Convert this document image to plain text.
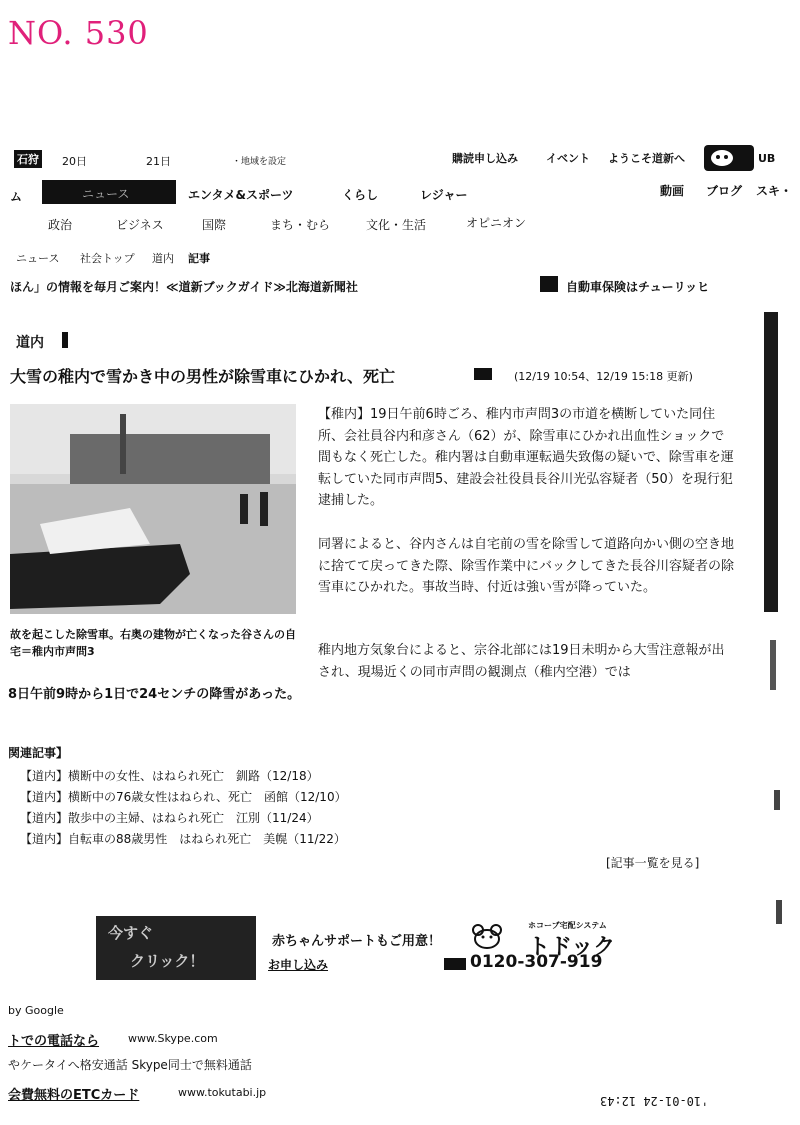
NO. 530
石狩 20日	21日	・地域を設定	購読申し込み	イベント ようこそ道新へ	UB
ム	ニュース	エンタメ&スポーツ	くらし	レジャー	動画 ブログ スキ・
政治	ビジネス	国際	まち・むら	文化・生活	オピニオン
ニュース 社会トップ 道内 記事
ほん」の情報を毎月ご案内！≪道新ブックガイド≫北海道新聞社	自動車保険はチューリッヒ
道内
大雪の稚内で雪かき中の男性が除雪車にひかれ、死亡	(12/19 10:54、12/19 15:18 更新)
故を起こした除雪車。右奥の建物が亡くなった谷さんの自宅＝稚内市声問3
【稚内】19日午前6時ごろ、稚内市声問3の市道を横断していた同住所、会社員谷内和彦さん（62）が、除雪車にひかれ出血性ショックで間もなく死亡した。稚内署は自動車運転過失致傷の疑いで、除雪車を運転していた同市声問5、建設会社役員長谷川光弘容疑者（50）を現行犯逮捕した。
同署によると、谷内さんは自宅前の雪を除雪して道路向かい側の空き地に捨てて戻ってきた際、除雪作業中にバックしてきた長谷川容疑者の除雪車にひかれた。事故当時、付近は強い雪が降っていた。
稚内地方気象台によると、宗谷北部には19日未明から大雪注意報が出され、現場近くの同市声問の観測点（稚内空港）では
8日午前9時から1日で24センチの降雪があった。
関連記事】
【道内】横断中の女性、はねられ死亡　釧路（12/18）
【道内】横断中の76歳女性はねられ、死亡　函館（12/10）
【道内】散歩中の主婦、はねられ死亡　江別（11/24）
【道内】自転車の88歳男性　はねられ死亡　美幌（11/22）
[記事一覧を見る]
今すぐ
クリック！
赤ちゃんサポートもご用意！
ホコーブ宅配システム
トドック
お申し込み	0120-307-919
by Google
トでの電話なら	www.Skype.com
やケータイへ格安通話 Skype同士で無料通話
会費無料のETCカード	www.tokutabi.jp
'10-01-24 12:43
